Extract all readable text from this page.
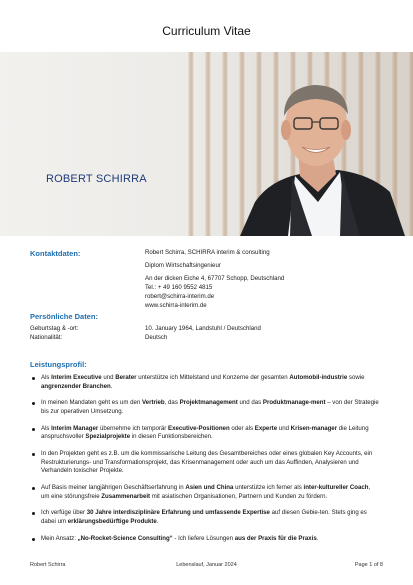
Curriculum Vitae
ROBERT SCHIRRA
Kontaktdaten:	Robert Schirra, SCHIRRA interim & consulting
Diplom Wirtschaftsingenieur
An der dicken Eiche 4, 67707 Schopp, Deutschland
Tel.: + 49 160 9552 4815
robert@schirra-interim.de
www.schirra-interim.de
Persönliche Daten:
Geburtstag & -ort:	10. January 1964, Landstuhl / Deutschland
Nationalität:	Deutsch
Leistungsprofil:
Als Interim Executive und Berater unterstütze ich Mittelstand und Konzerne der gesamten Automobil-industrie sowie angrenzender Branchen.
In meinen Mandaten geht es um den Vertrieb, das Projektmanagement und das Produktmanage-ment – von der Strategie bis zur operativen Umsetzung.
Als Interim Manager übernehme ich temporär Executive-Positionen oder als Experte und Krisen-manager die Leitung anspruchsvoller Spezialprojekte in diesen Funktionsbereichen.
In den Projekten geht es z.B. um die kommissarische Leitung des Gesamtbereiches oder eines globalen Key Accounts, ein Restrukturierungs- und Transformationsprojekt, das Krisenmanagement oder auch um das Auffinden, Analysieren und Verhandeln toxischer Projekte.
Auf Basis meiner langjährigen Geschäftserfahrung in Asien und China unterstütze ich ferner als inter-kultureller Coach, um eine störungsfreie Zusammenarbeit mit asiatischen Organisationen, Partnern und Kunden zu fördern.
Ich verfüge über 30 Jahre interdisziplinäre Erfahrung und umfassende Expertise auf diesen Gebie-ten. Stets ging es dabei um erklärungsbedürftige Produkte.
Mein Ansatz: „No-Rocket-Science Consulting“ - Ich liefere Lösungen aus der Praxis für die Praxis.
Robert Schirra	Lebenslauf, Januar 2024	Page 1 of 8
